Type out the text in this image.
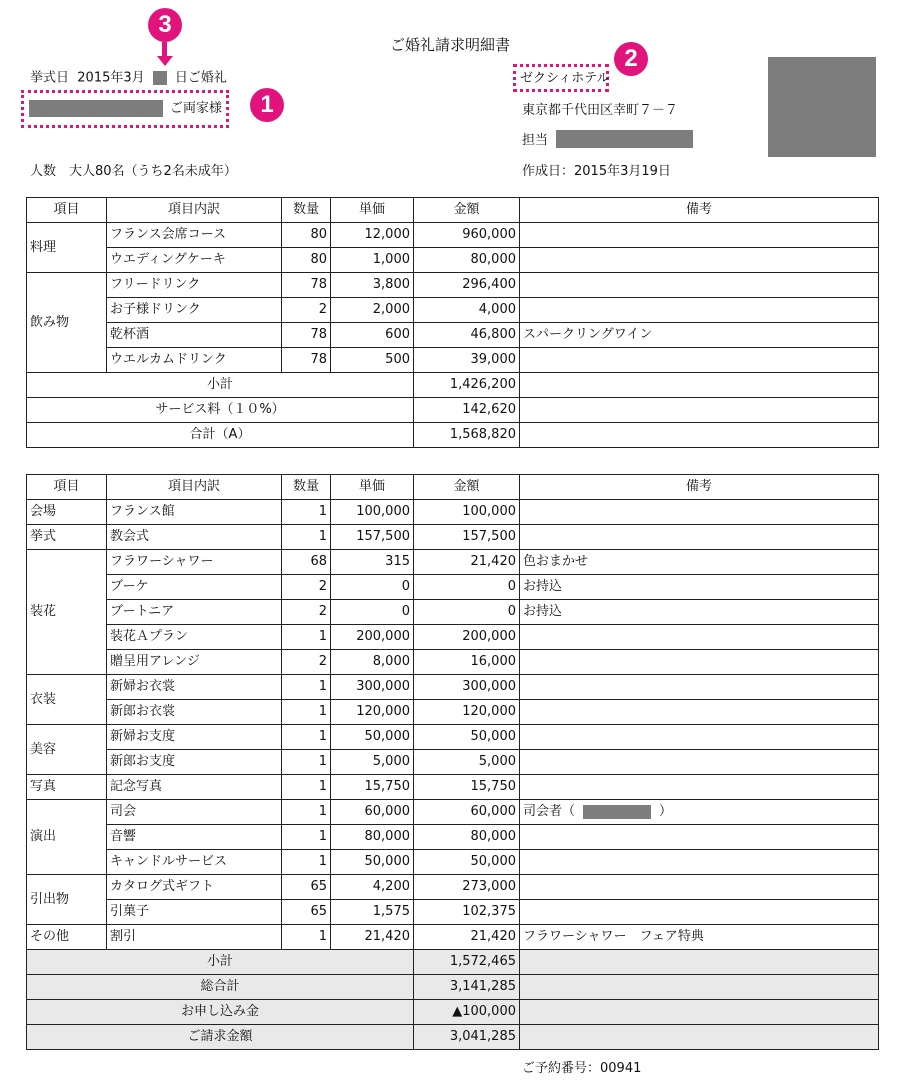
ご婚礼請求明細書
3
挙式日 2015年3月 日ご婚礼
ご両家様	1
人数　大人80名（うち2名未成年）
ゼクシィホテル
2
東京都千代田区幸町７－７
担当
作成日：2015年3月19日
項目	項目内訳	数量	単価	金額	備考
料理	フランス会席コース	80	12,000	960,000	
	ウエディングケーキ	80	1,000	80,000	
飲み物	フリードリンク	78	3,800	296,400	
	お子様ドリンク	2	2,000	4,000	
	乾杯酒	78	600	46,800	スパークリングワイン
	ウエルカムドリンク	78	500	39,000	
小計				1,426,200	
サービス料（１０%）				142,620	
合計（A）				1,568,820	
項目	項目内訳	数量	単価	金額	備考
会場	フランス館	1	100,000	100,000	
挙式	教会式	1	157,500	157,500	
装花	フラワーシャワー	68	315	21,420	色おまかせ
	ブーケ	2	0	0	お持込
	ブートニア	2	0	0	お持込
	装花Ａプラン	1	200,000	200,000	
	贈呈用アレンジ	2	8,000	16,000	
衣装	新婦お衣裳	1	300,000	300,000	
	新郎お衣裳	1	120,000	120,000	
美容	新婦お支度	1	50,000	50,000	
	新郎お支度	1	5,000	5,000	
写真	記念写真	1	15,750	15,750	
演出	司会	1	60,000	60,000	司会者（ ）
	音響	1	80,000	80,000	
	キャンドルサービス	1	50,000	50,000	
引出物	カタログ式ギフト	65	4,200	273,000	
	引菓子	65	1,575	102,375	
その他	割引	1	21,420	21,420	フラワーシャワー　フェア特典
小計				1,572,465	
総合計				3,141,285	
お申し込み金				▲100,000	
ご請求金額				3,041,285	
ご予約番号：00941
